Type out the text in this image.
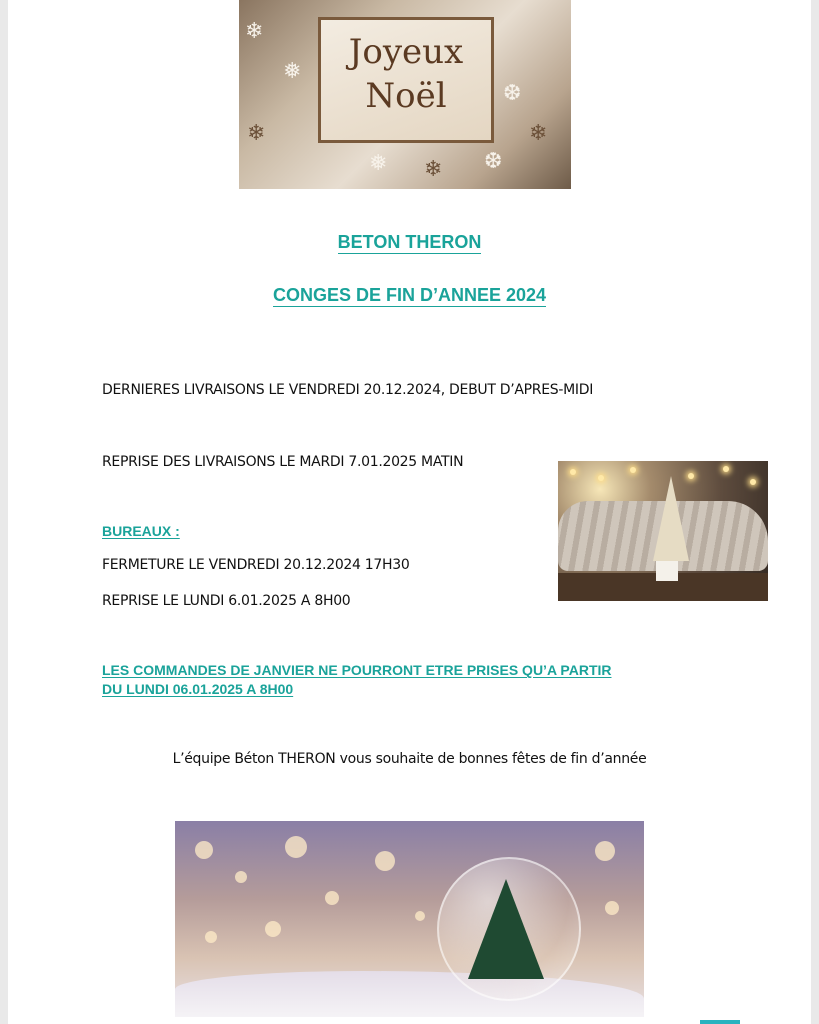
❄
❅
❄
❆
❄
❅ ❄ ❆
Joyeux
Noël
BETON THERON
CONGES DE FIN D’ANNEE 2024
DERNIERES LIVRAISONS LE VENDREDI 20.12.2024, DEBUT D’APRES-MIDI
REPRISE DES LIVRAISONS LE MARDI 7.01.2025 MATIN
BUREAUX :
FERMETURE LE VENDREDI 20.12.2024 17H30
REPRISE LE LUNDI 6.01.2025 A 8H00
LES COMMANDES DE JANVIER NE POURRONT ETRE PRISES QU’A PARTIR
DU LUNDI 06.01.2025 A 8H00
L’équipe Béton THERON vous souhaite de bonnes fêtes de fin d’année
